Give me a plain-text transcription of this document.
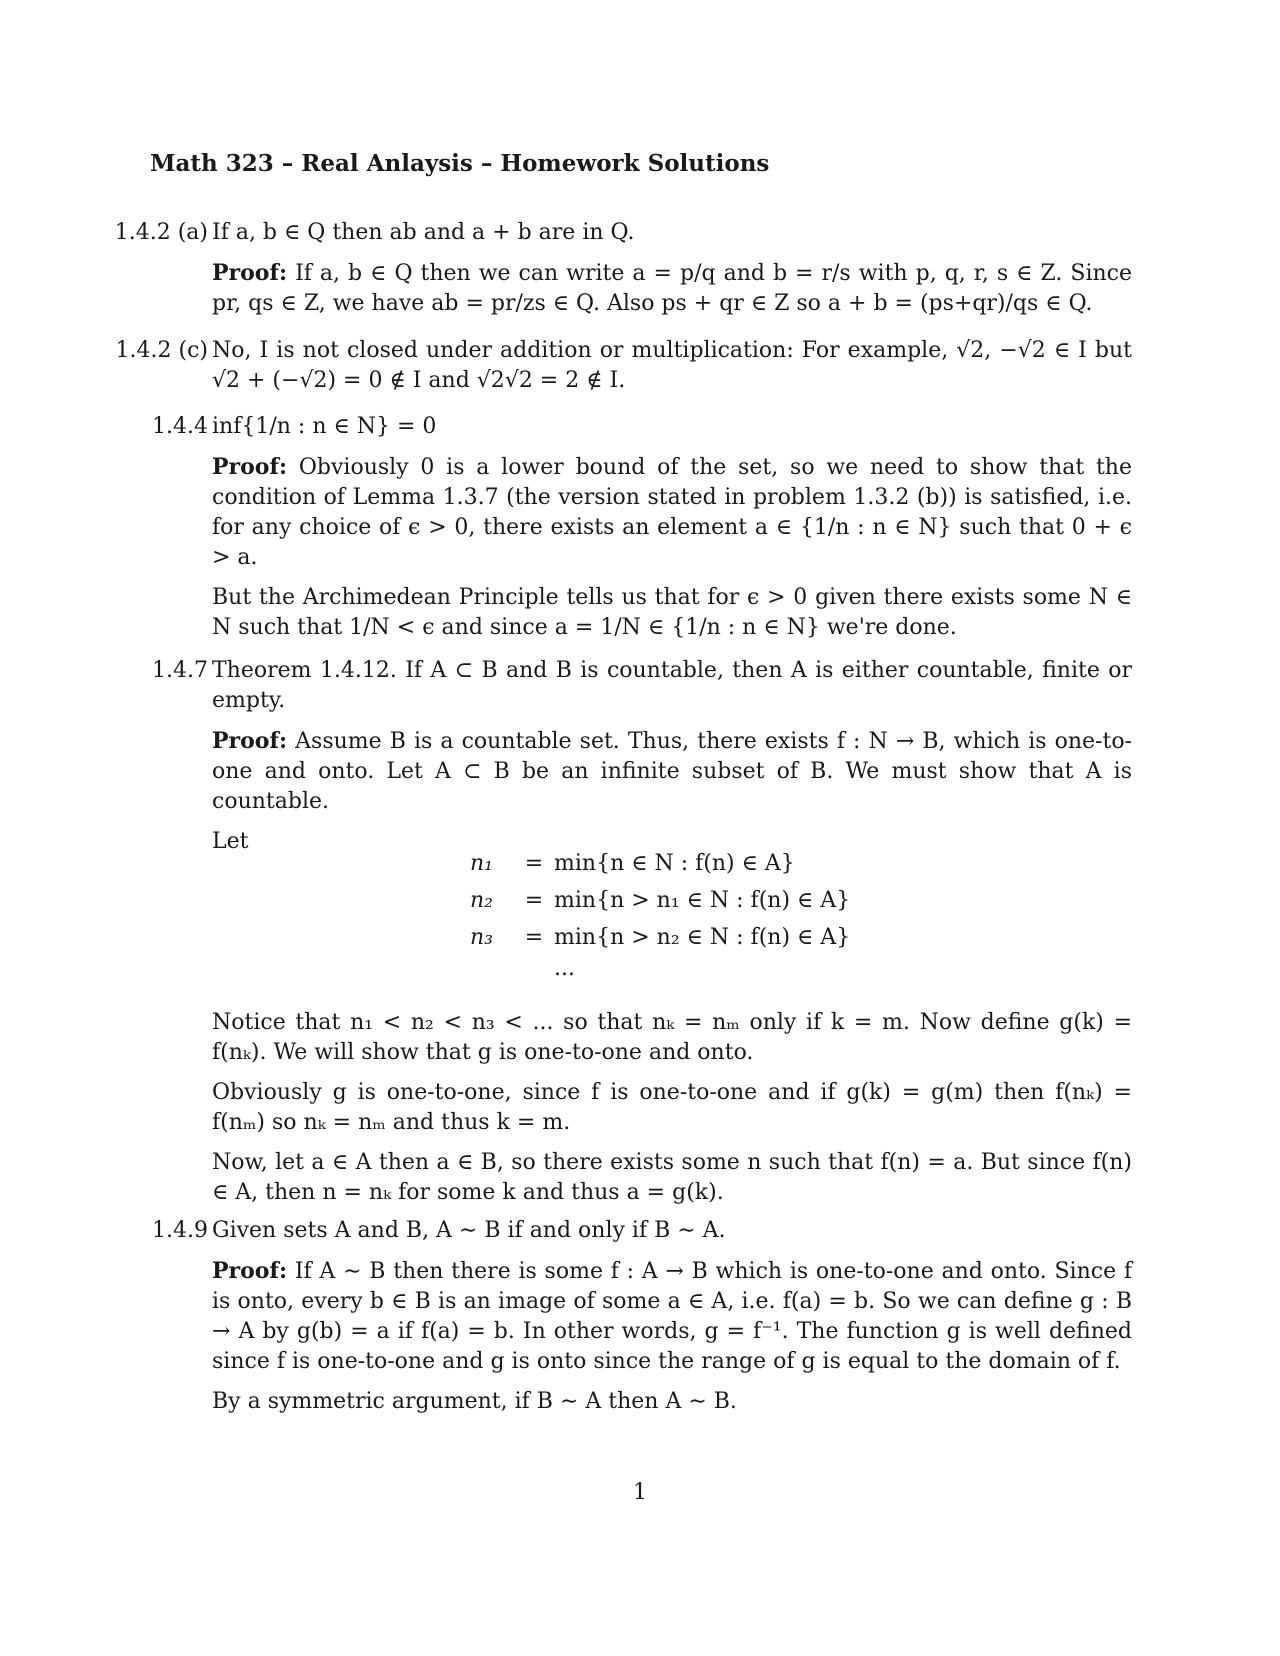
Math 323 – Real Anlaysis – Homework Solutions
1.4.2 (a) If a, b ∈ Q then ab and a + b are in Q.

Proof: If a, b ∈ Q then we can write a = p/q and b = r/s with p, q, r, s ∈ Z. Since pr, qs ∈ Z, we have ab = pr/zs ∈ Q. Also ps + qr ∈ Z so a + b = (ps+qr)/qs ∈ Q.

1.4.2 (c) No, I is not closed under addition or multiplication: For example, √2, −√2 ∈ I but √2 + (−√2) = 0 ∉ I and √2√2 = 2 ∉ I.

1.4.4 inf{1/n : n ∈ N} = 0

Proof: Obviously 0 is a lower bound of the set, so we need to show that the condition of Lemma 1.3.7 (the version stated in problem 1.3.2 (b)) is satisfied, i.e. for any choice of ϵ > 0, there exists an element a ∈ {1/n : n ∈ N} such that 0 + ϵ > a.

But the Archimedean Principle tells us that for ϵ > 0 given there exists some N ∈ N such that 1/N < ϵ and since a = 1/N ∈ {1/n : n ∈ N} we're done.

1.4.7 Theorem 1.4.12. If A ⊂ B and B is countable, then A is either countable, finite or empty.

Proof: Assume B is a countable set. Thus, there exists f : N → B, which is one-to-one and onto. Let A ⊂ B be an infinite subset of B. We must show that A is countable.

Let

n₁ = min{n ∈ N : f(n) ∈ A}
n₂ = min{n > n₁ ∈ N : f(n) ∈ A}
n₃ = min{n > n₂ ∈ N : f(n) ∈ A}
...

Notice that n₁ < n₂ < n₃ < ... so that nₖ = nₘ only if k = m. Now define g(k) = f(nₖ). We will show that g is one-to-one and onto.

Obviously g is one-to-one, since f is one-to-one and if g(k) = g(m) then f(nₖ) = f(nₘ) so nₖ = nₘ and thus k = m.

Now, let a ∈ A then a ∈ B, so there exists some n such that f(n) = a. But since f(n) ∈ A, then n = nₖ for some k and thus a = g(k).

1.4.9 Given sets A and B, A ∼ B if and only if B ∼ A.

Proof: If A ∼ B then there is some f : A → B which is one-to-one and onto. Since f is onto, every b ∈ B is an image of some a ∈ A, i.e. f(a) = b. So we can define g : B → A by g(b) = a if f(a) = b. In other words, g = f⁻¹. The function g is well defined since f is one-to-one and g is onto since the range of g is equal to the domain of f.

By a symmetric argument, if B ∼ A then A ∼ B.

1
